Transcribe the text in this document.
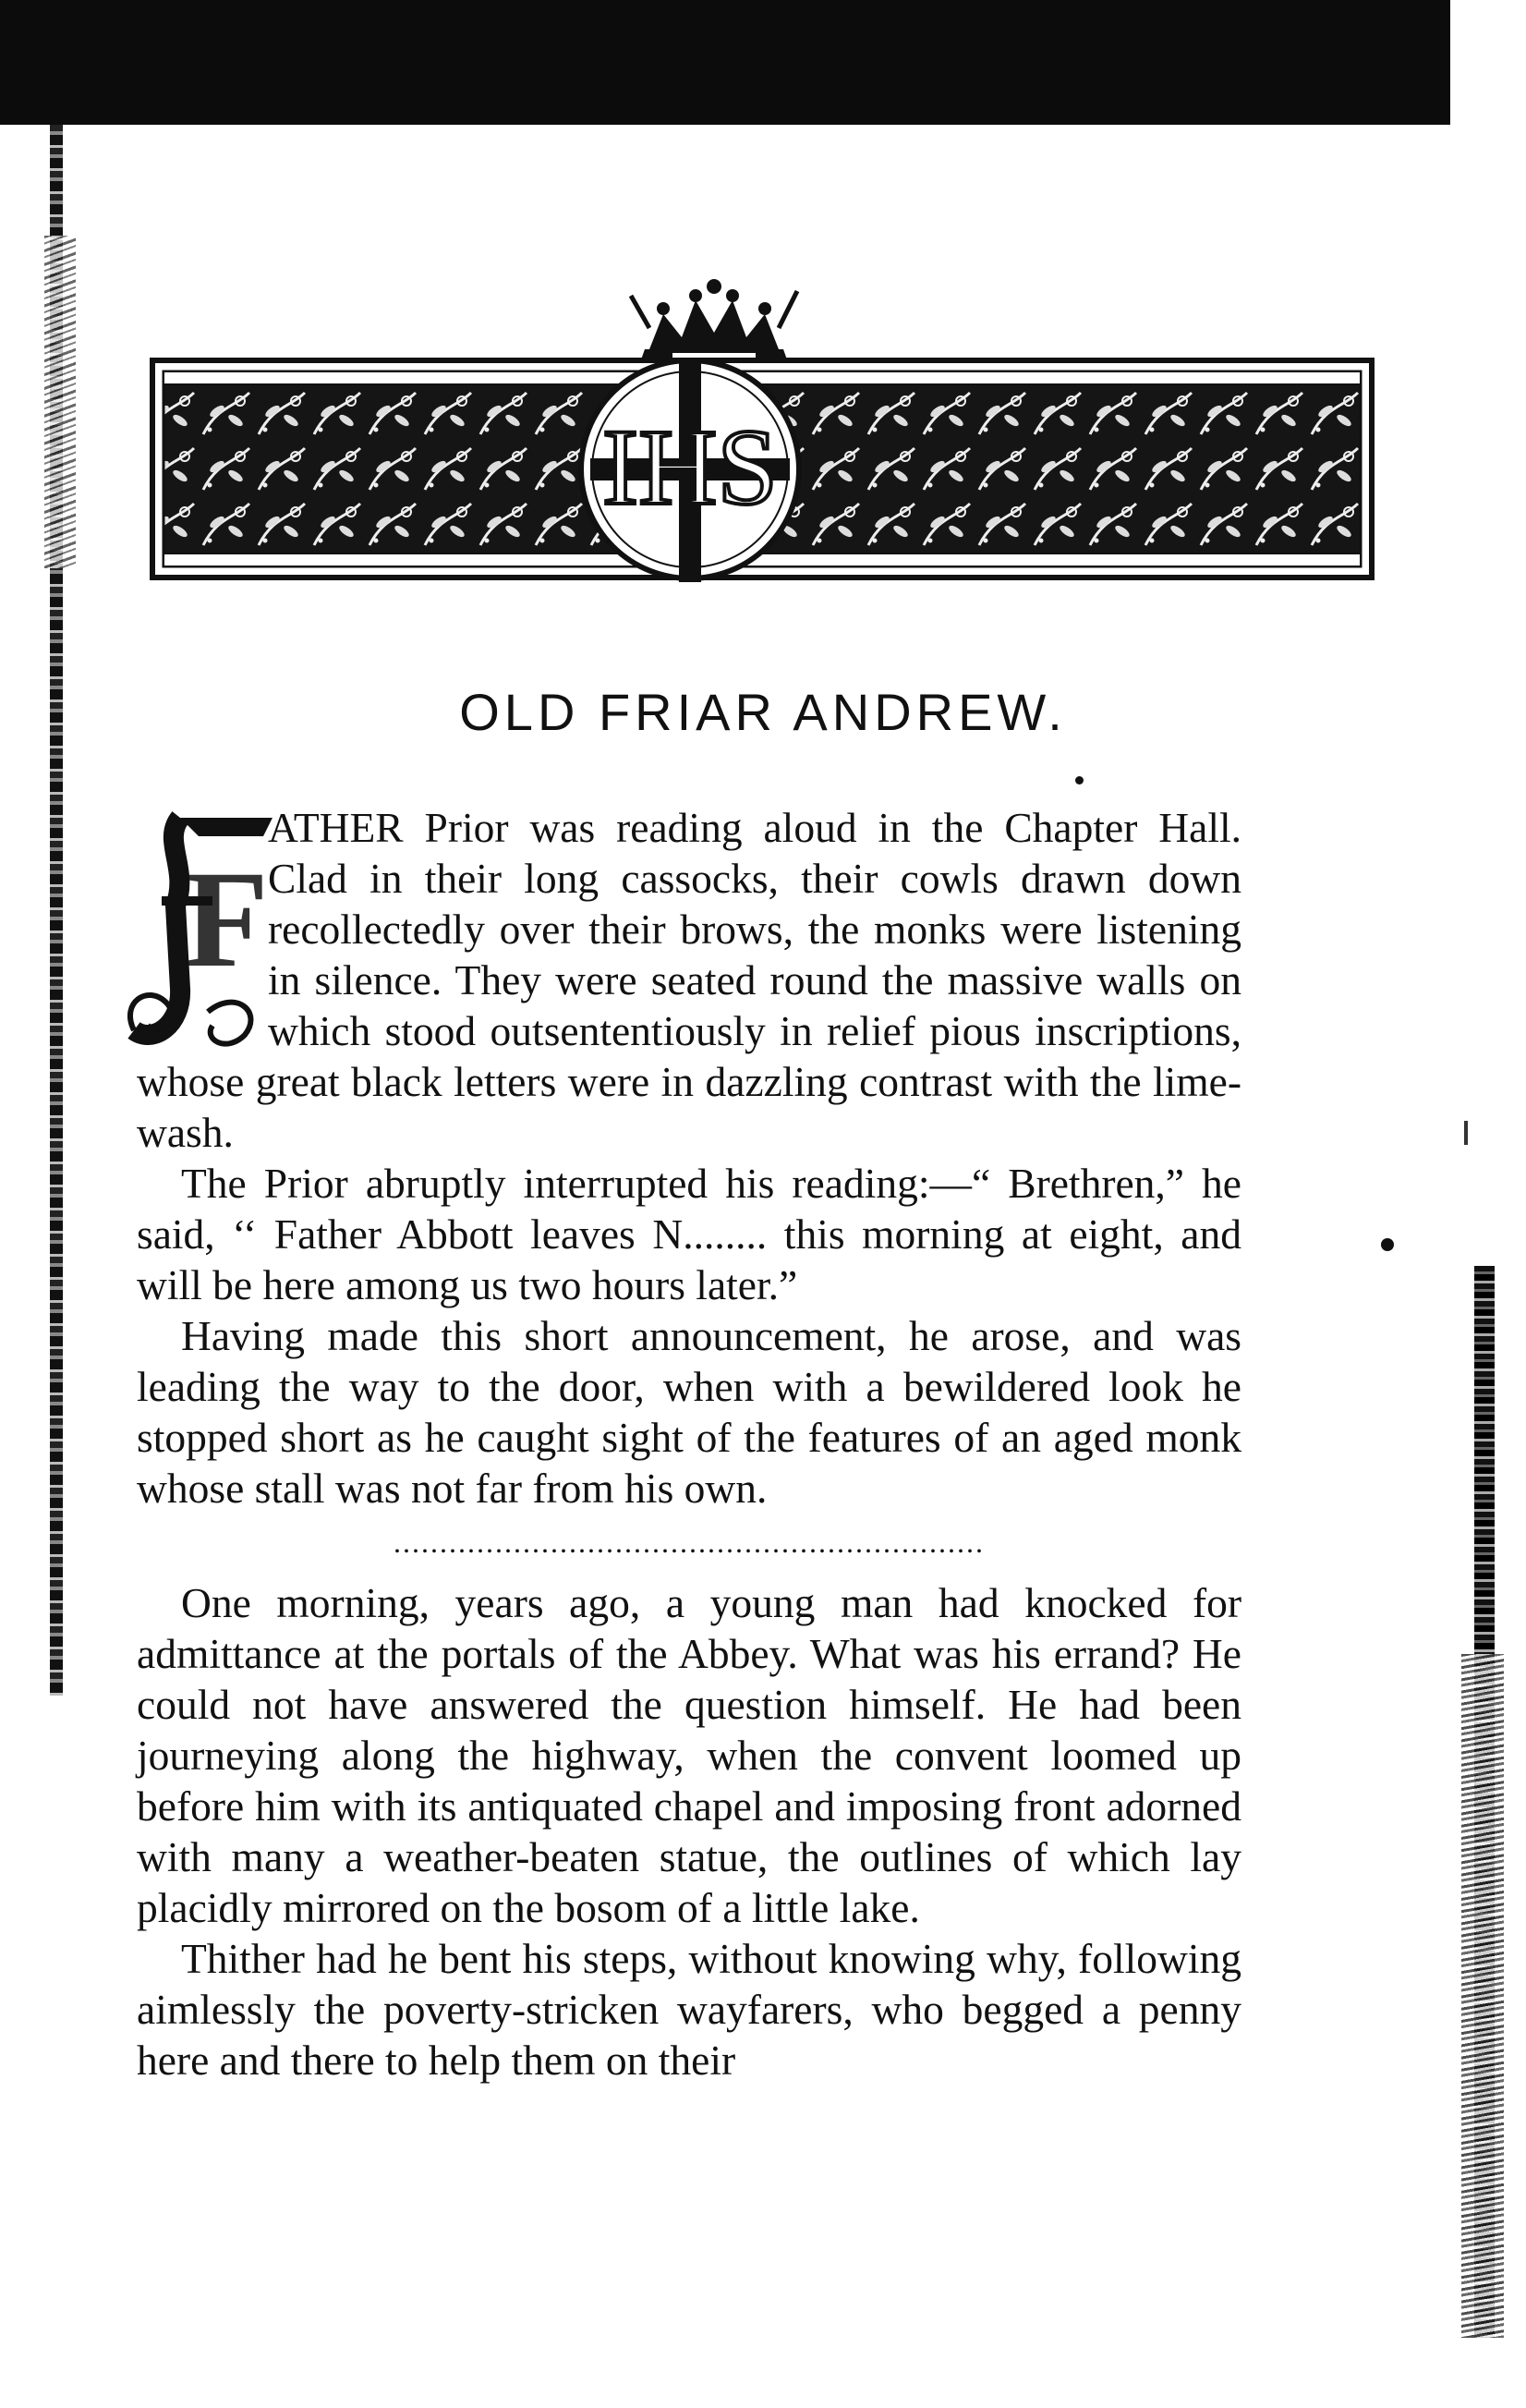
IHS
OLD FRIAR ANDREW.
F

ATHER Prior was reading aloud in the Chapter Hall. Clad in their long cassocks, their cowls drawn down recollectedly over their brows, the monks were listening in silence. They were seated round the massive walls on which stood outsententiously in relief pious inscriptions, whose great black letters were in dazzling contrast with the lime-wash.

The Prior abruptly interrupted his reading:—“ Brethren,” he said, ‘‘ Father Abbott leaves N........ this morning at eight, and will be here among us two hours later.”

Having made this short announcement, he arose, and was leading the way to the door, when with a bewildered look he stopped short as he caught sight of the features of an aged monk whose stall was not far from his own.

................................................................

One morning, years ago, a young man had knocked for admittance at the portals of the Abbey. What was his errand? He could not have answered the question himself. He had been journeying along the highway, when the convent loomed up before him with its antiquated chapel and imposing front adorned with many a weather-beaten statue, the outlines of which lay placidly mirrored on the bosom of a little lake.

Thither had he bent his steps, without knowing why, following aimlessly the poverty-stricken wayfarers, who begged a penny here and there to help them on their
